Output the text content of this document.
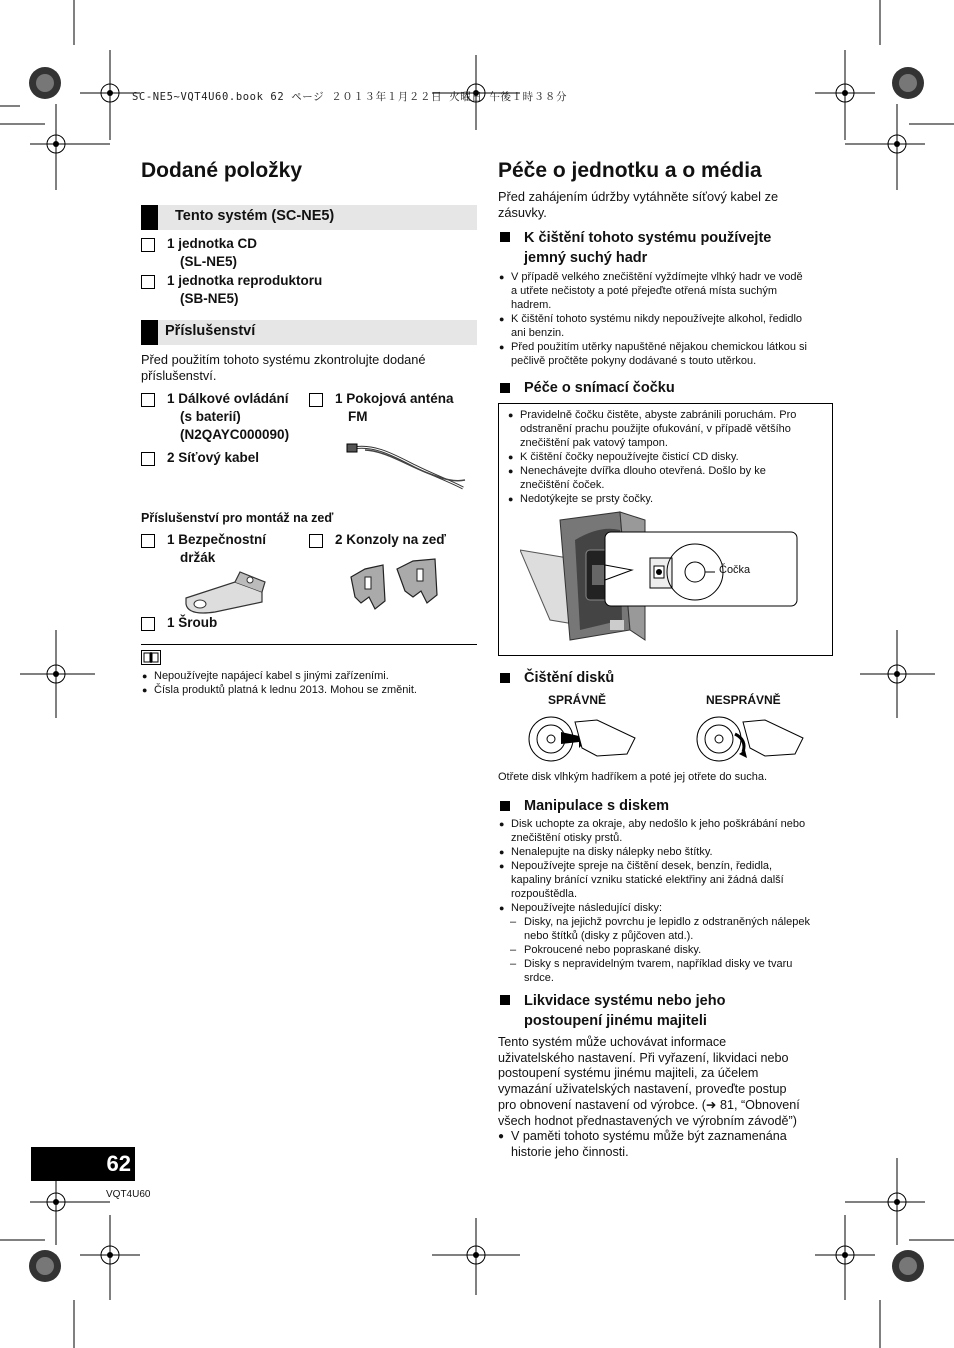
SC-NE5~VQT4U60.book 62 ページ ２０１３年１月２２日 火曜日 午後１時３８分
Dodané položky
Tento systém (SC-NE5)
1 jednotka CD
(SL-NE5)
1 jednotka reproduktoru
(SB-NE5)
Příslušenství
Před použitím tohoto systému zkontrolujte dodané příslušenství.
1 Dálkové ovládání
(s baterií)
(N2QAYC000090)
1 Pokojová anténa
FM
2 Síťový kabel
Příslušenství pro montáž na zeď
1 Bezpečnostní
držák
2 Konzoly na zeď
1 Šroub
● Nepoužívejte napájecí kabel s jinými zařízeními.
● Čísla produktů platná k lednu 2013. Mohou se změnit.
Péče o jednotku a o média
Před zahájením údržby vytáhněte síťový kabel ze zásuvky.
K čištění tohoto systému používejte
jemný suchý hadr
● V případě velkého znečištění vyždímejte vlhký hadr ve vodě
a utřete nečistoty a poté přejeďte otřená místa suchým
hadrem.
● K čištění tohoto systému nikdy nepoužívejte alkohol, ředidlo
ani benzin.
● Před použitím utěrky napuštěné nějakou chemickou látkou si
pečlivě pročtěte pokyny dodávané s touto utěrkou.
Péče o snímací čočku
● Pravidelně čočku čistěte, abyste zabránili poruchám. Pro
odstranění prachu použijte ofukování, v případě většího
znečištění pak vatový tampon.
● K čištění čočky nepoužívejte čisticí CD disky.
● Nenechávejte dvířka dlouho otevřená. Došlo by ke
znečištění čoček.
● Nedotýkejte se prsty čočky.
Čočka
Čištění disků
SPRÁVNĚ	NESPRÁVNĚ
Otřete disk vlhkým hadříkem a poté jej otřete do sucha.
Manipulace s diskem
● Disk uchopte za okraje, aby nedošlo k jeho poškrábání nebo
znečištění otisky prstů.
● Nenalepujte na disky nálepky nebo štítky.
● Nepoužívejte spreje na čištění desek, benzín, ředidla,
kapaliny bránící vzniku statické elektřiny ani žádná další
rozpouštědla.
● Nepoužívejte následující disky:
– Disky, na jejichž povrchu je lepidlo z odstraněných nálepek
nebo štítků (disky z půjčoven atd.).
– Pokroucené nebo popraskané disky.
– Disky s nepravidelným tvarem, například disky ve tvaru
srdce.
Likvidace systému nebo jeho
postoupení jinému majiteli
Tento systém může uchovávat informace
uživatelského nastavení. Při vyřazení, likvidaci nebo
postoupení systému jinému majiteli, za účelem
vymazání uživatelských nastavení, proveďte postup
pro obnovení nastavení od výrobce. (➜ 81, “Obnovení
všech hodnot přednastavených ve výrobním závodě”)
● V paměti tohoto systému může být zaznamenána
historie jeho činnosti.
62
VQT4U60
